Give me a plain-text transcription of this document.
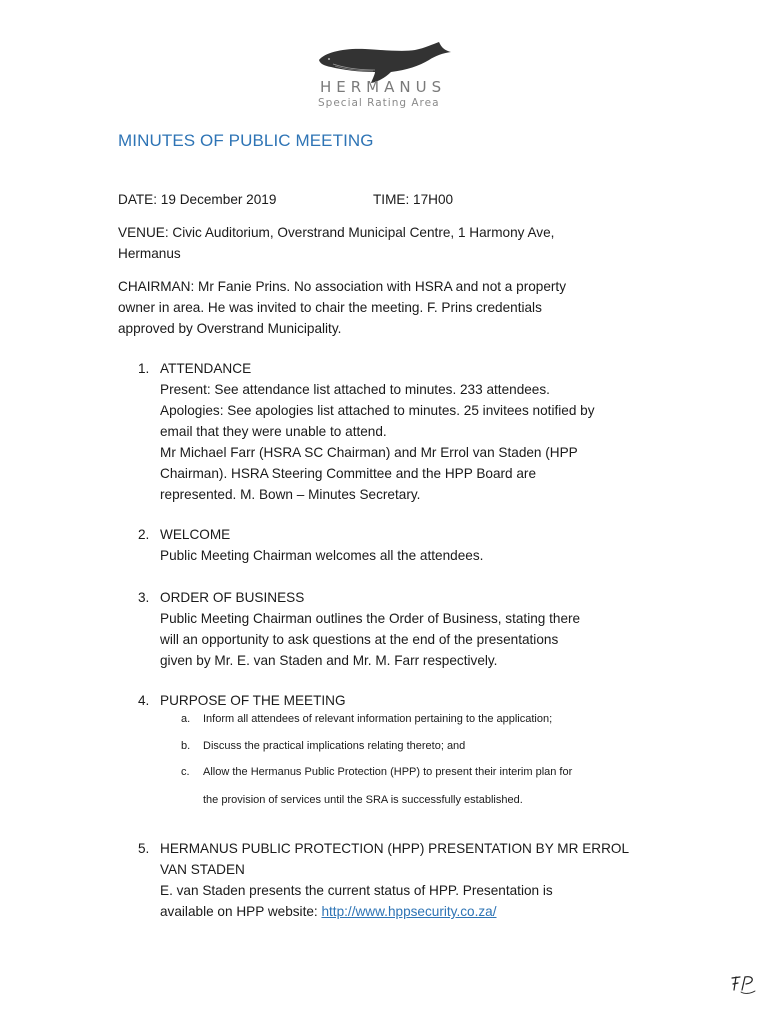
HERMANUS
Special Rating Area
MINUTES OF PUBLIC MEETING
DATE: 19 December 2019	TIME: 17H00
VENUE: Civic Auditorium, Overstrand Municipal Centre, 1 Harmony Ave,
Hermanus
CHAIRMAN: Mr Fanie Prins. No association with HSRA and not a property
owner in area. He was invited to chair the meeting. F. Prins credentials
approved by Overstrand Municipality.
1. ATTENDANCE
Present: See attendance list attached to minutes. 233 attendees.
Apologies: See apologies list attached to minutes. 25 invitees notified by
email that they were unable to attend.
Mr Michael Farr (HSRA SC Chairman) and Mr Errol van Staden (HPP
Chairman). HSRA Steering Committee and the HPP Board are
represented. M. Bown – Minutes Secretary.
2. WELCOME
Public Meeting Chairman welcomes all the attendees.
3. ORDER OF BUSINESS
Public Meeting Chairman outlines the Order of Business, stating there
will an opportunity to ask questions at the end of the presentations
given by Mr. E. van Staden and Mr. M. Farr respectively.
4. PURPOSE OF THE MEETING
a. Inform all attendees of relevant information pertaining to the application;
b. Discuss the practical implications relating thereto; and
c. Allow the Hermanus Public Protection (HPP) to present their interim plan for
the provision of services until the SRA is successfully established.
5. HERMANUS PUBLIC PROTECTION (HPP) PRESENTATION BY MR ERROL
VAN STADEN
E. van Staden presents the current status of HPP. Presentation is
available on HPP website: http://www.hppsecurity.co.za/
